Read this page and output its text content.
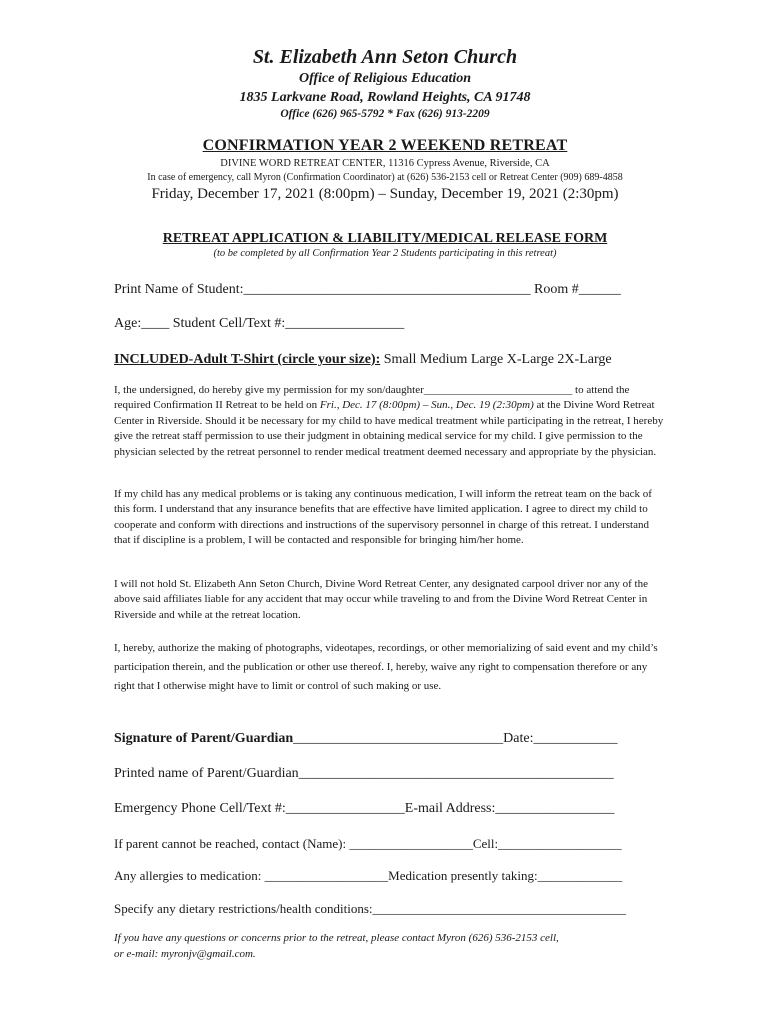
St. Elizabeth Ann Seton Church
Office of Religious Education
1835 Larkvane Road, Rowland Heights, CA 91748
Office (626) 965-5792 * Fax (626) 913-2209
CONFIRMATION YEAR 2 WEEKEND RETREAT
DIVINE WORD RETREAT CENTER, 11316 Cypress Avenue, Riverside, CA
In case of emergency, call Myron (Confirmation Coordinator) at (626) 536-2153 cell or Retreat Center (909) 689-4858
Friday, December 17, 2021 (8:00pm) – Sunday, December 19, 2021 (2:30pm)
RETREAT APPLICATION & LIABILITY/MEDICAL RELEASE FORM
(to be completed by all Confirmation Year 2 Students participating in this retreat)
Print Name of Student:_________________________________________ Room #______
Age:____ Student Cell/Text #:_________________
INCLUDED-Adult T-Shirt (circle your size): Small Medium Large X-Large 2X-Large
I, the undersigned, do hereby give my permission for my son/daughter___________________________ to attend the required Confirmation II Retreat to be held on Fri., Dec. 17 (8:00pm) – Sun., Dec. 19 (2:30pm) at the Divine Word Retreat Center in Riverside. Should it be necessary for my child to have medical treatment while participating in the retreat, I hereby give the retreat staff permission to use their judgment in obtaining medical service for my child. I give permission to the physician selected by the retreat personnel to render medical treatment deemed necessary and appropriate by the physician.
If my child has any medical problems or is taking any continuous medication, I will inform the retreat team on the back of this form. I understand that any insurance benefits that are effective have limited application. I agree to direct my child to cooperate and conform with directions and instructions of the supervisory personnel in charge of this retreat. I understand that if discipline is a problem, I will be contacted and responsible for bringing him/her home.
I will not hold St. Elizabeth Ann Seton Church, Divine Word Retreat Center, any designated carpool driver nor any of the above said affiliates liable for any accident that may occur while traveling to and from the Divine Word Retreat Center in Riverside and while at the retreat location.
I, hereby, authorize the making of photographs, videotapes, recordings, or other memorializing of said event and my child’s participation therein, and the publication or other use thereof. I, hereby, waive any right to compensation therefore or any right that I otherwise might have to limit or control of such making or use.
Signature of Parent/Guardian______________________________Date:____________
Printed name of Parent/Guardian_____________________________________________
Emergency Phone Cell/Text #:_________________E-mail Address:_________________
If parent cannot be reached, contact (Name): ___________________Cell:___________________
Any allergies to medication: ___________________Medication presently taking:_____________
Specify any dietary restrictions/health conditions:_______________________________________
If you have any questions or concerns prior to the retreat, please contact Myron (626) 536-2153 cell,
or e-mail: myronjv@gmail.com.
